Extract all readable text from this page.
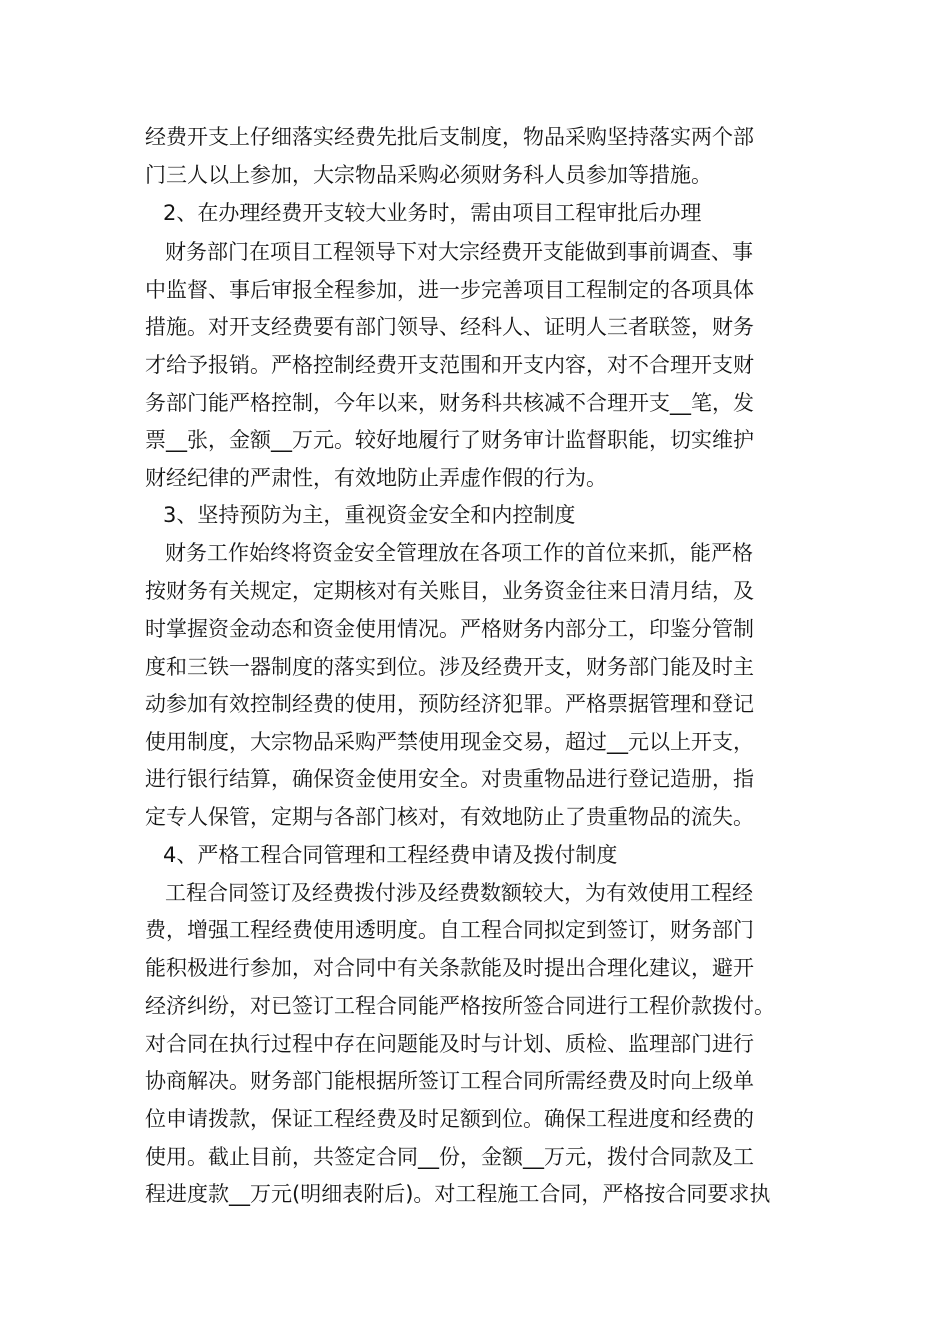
经费开支上仔细落实经费先批后支制度，物品采购坚持落实两个部
门三人以上参加，大宗物品采购必须财务科人员参加等措施。
2、在办理经费开支较大业务时，需由项目工程审批后办理
财务部门在项目工程领导下对大宗经费开支能做到事前调查、事
中监督、事后审报全程参加，进一步完善项目工程制定的各项具体
措施。对开支经费要有部门领导、经科人、证明人三者联签，财务
才给予报销。严格控制经费开支范围和开支内容，对不合理开支财
务部门能严格控制，今年以来，财务科共核减不合理开支__笔，发
票__张，金额__万元。较好地履行了财务审计监督职能，切实维护
财经纪律的严肃性，有效地防止弄虚作假的行为。
3、坚持预防为主，重视资金安全和内控制度
财务工作始终将资金安全管理放在各项工作的首位来抓，能严格
按财务有关规定，定期核对有关账目，业务资金往来日清月结，及
时掌握资金动态和资金使用情况。严格财务内部分工，印鉴分管制
度和三铁一器制度的落实到位。涉及经费开支，财务部门能及时主
动参加有效控制经费的使用，预防经济犯罪。严格票据管理和登记
使用制度，大宗物品采购严禁使用现金交易，超过__元以上开支，
进行银行结算，确保资金使用安全。对贵重物品进行登记造册，指
定专人保管，定期与各部门核对，有效地防止了贵重物品的流失。
4、严格工程合同管理和工程经费申请及拨付制度
工程合同签订及经费拨付涉及经费数额较大，为有效使用工程经
费，增强工程经费使用透明度。自工程合同拟定到签订，财务部门
能积极进行参加，对合同中有关条款能及时提出合理化建议，避开
经济纠纷，对已签订工程合同能严格按所签合同进行工程价款拨付。
对合同在执行过程中存在问题能及时与计划、质检、监理部门进行
协商解决。财务部门能根据所签订工程合同所需经费及时向上级单
位申请拨款，保证工程经费及时足额到位。确保工程进度和经费的
使用。截止目前，共签定合同__份，金额__万元，拨付合同款及工
程进度款__万元(明细表附后)。对工程施工合同，严格按合同要求执
